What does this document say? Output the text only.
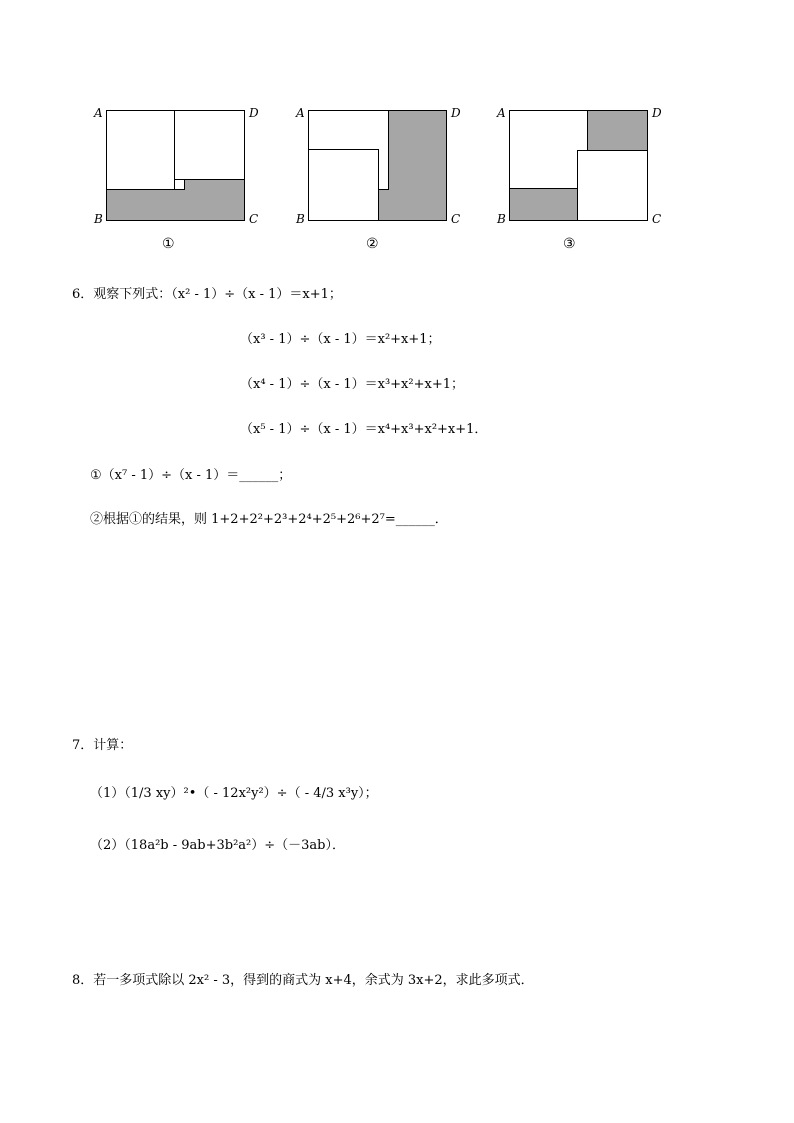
A	D
B	C
①
A	D
B	C
②
A	D
B	C
③
6．观察下列式：（x² - 1）÷（x - 1）＝x+1；
（x³ - 1）÷（x - 1）＝x²+x+1；
（x⁴ - 1）÷（x - 1）＝x³+x²+x+1；
（x⁵ - 1）÷（x - 1）＝x⁴+x³+x²+x+1．
①（x⁷ - 1）÷（x - 1）＝______；
②根据①的结果，则 1+2+2²+2³+2⁴+2⁵+2⁶+2⁷=______．
7．计算：
（1）（1/3 xy）²•（ - 12x²y²）÷（ - 4/3 x³y）；
（2）（18a²b - 9ab+3b²a²）÷（－3ab）．
8．若一多项式除以 2x² - 3，得到的商式为 x+4，余式为 3x+2，求此多项式．
